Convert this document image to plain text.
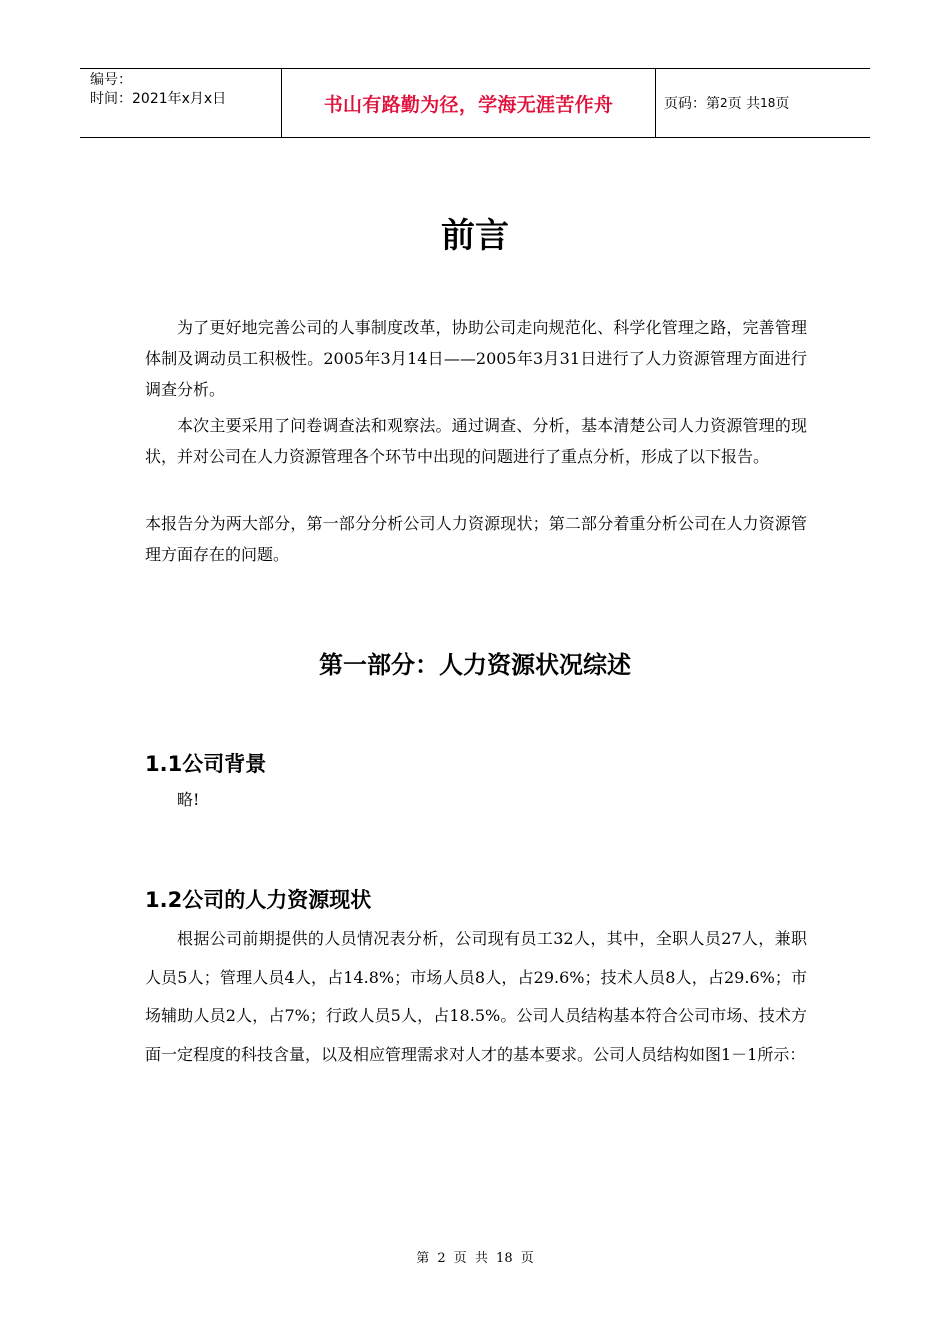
编号：
时间：2021年x月x日	书山有路勤为径，学海无涯苦作舟	页码：第 2 页 共 18 页
前言

为了更好地完善公司的人事制度改革，协助公司走向规范化、科学化管理之路，完善管理体制及调动员工积极性。2005年3月14日——2005年3月31日进行了人力资源管理方面进行调查分析。

本次主要采用了问卷调查法和观察法。通过调查、分析，基本清楚公司人力资源管理的现状，并对公司在人力资源管理各个环节中出现的问题进行了重点分析，形成了以下报告。

本报告分为两大部分，第一部分分析公司人力资源现状；第二部分着重分析公司在人力资源管理方面存在的问题。

第一部分：人力资源状况综述
1.1公司背景

略!

1.2公司的人力资源现状

根据公司前期提供的人员情况表分析，公司现有员工32人，其中，全职人员27人，兼职人员5人；管理人员4人，占14.8%；市场人员8人，占29.6%；技术人员8人，占29.6%；市场辅助人员2人，占7%；行政人员5人，占18.5%。公司人员结构基本符合公司市场、技术方面一定程度的科技含量，以及相应管理需求对人才的基本要求。公司人员结构如图1－1所示：

第 2 页 共 18 页
